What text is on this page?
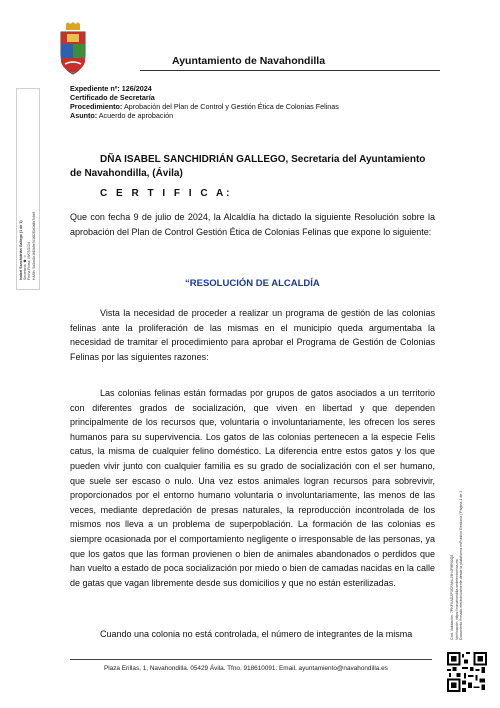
Ayuntamiento de Navahondilla
Expediente nº: 126/2024
Certificado de Secretaría
Procedimiento: Aprobación del Plan de Control y Gestión Ética de Colonias Felinas
Asunto: Acuerdo de aprobación
Isabel Sanchidrián Gallego (1 de 1) Secretaria Fecha Firma: 09/07/2024 HASH: 5a3cd1b1f43b9e7d1f82f3d0a8b7c6e5
● ▫
Cód. Validación: 7PKFXADZP3CFAHLJ9H4F9R92Q3 Verificación: https://navahondilla.sedelectronica.es/ Documento firmado electrónicamente desde la plataforma esPublico Gestiona | Página 1 de 3
DÑA ISABEL SANCHIDRIÁN GALLEGO, Secretaria del Ayuntamiento de Navahondilla, (Ávila)
C E R T I F I C A:
Que con fecha 9 de julio de 2024, la Alcaldía ha dictado la siguiente Resolución sobre la aprobación del Plan de Control Gestión Ética de Colonias Felinas que expone lo siguiente:
“RESOLUCIÓN DE ALCALDÍA
Vista la necesidad de proceder a realizar un programa de gestión de las colonias felinas ante la proliferación de las mismas en el municipio queda argumentaba la necesidad de tramitar el procedimiento para aprobar el Programa de Gestión de Colonias Felinas por las siguientes razones:
Las colonias felinas están formadas por grupos de gatos asociados a un territorio con diferentes grados de socialización, que viven en libertad y que dependen principalmente de los recursos que, voluntaria o involuntariamente, les ofrecen los seres humanos para su supervivencia. Los gatos de las colonias pertenecen a la especie Felis catus, la misma de cualquier felino doméstico. La diferencia entre estos gatos y los que pueden vivir junto con cualquier familia es su grado de socialización con el ser humano, que suele ser escaso o nulo. Una vez estos animales logran recursos para sobrevivir, proporcionados por el entorno humano voluntaria o involuntariamente, las menos de las veces, mediante depredación de presas naturales, la reproducción incontrolada de los mismos nos lleva a un problema de superpoblación. La formación de las colonias es siempre ocasionada por el comportamiento negligente o irresponsable de las personas, ya que los gatos que las forman provienen o bien de animales abandonados o perdidos que han vuelto a estado de poca socialización por miedo o bien de camadas nacidas en la calle de gatas que vagan libremente desde sus domicilios y que no están esterilizadas.
Cuando una colonia no está controlada, el número de integrantes de la misma
Plaza Erillas, 1, Navahondilla. 05429 Ávila. Tfno. 918610091. Email. ayuntamiento@navahondilla.es
